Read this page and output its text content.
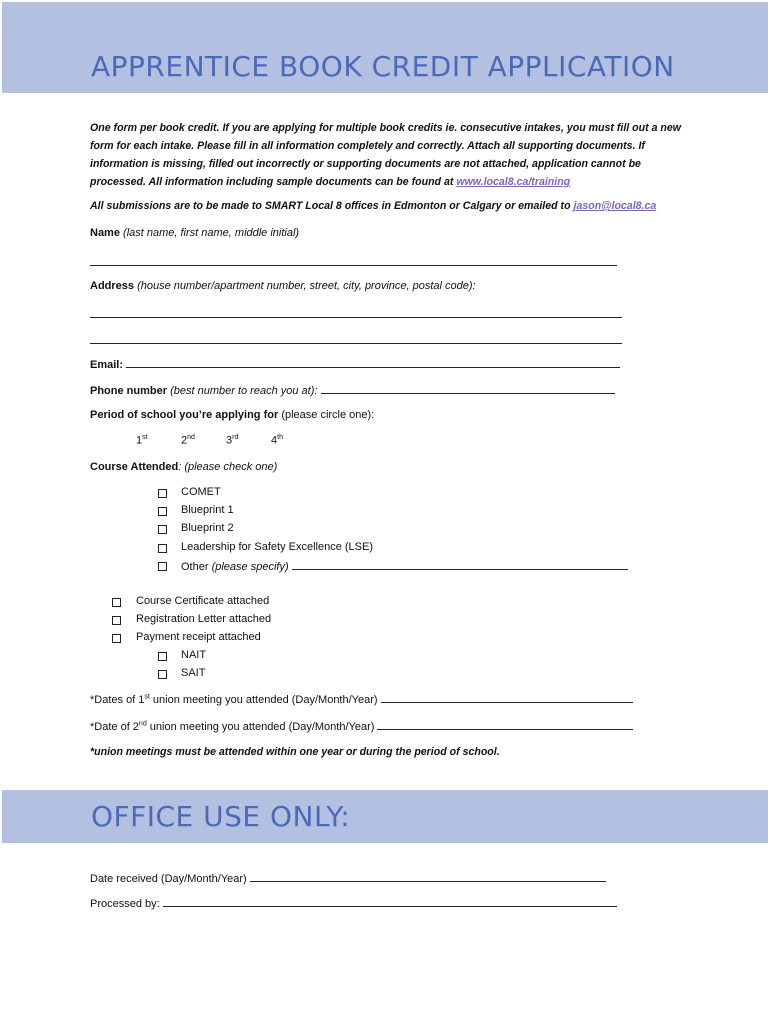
APPRENTICE BOOK CREDIT APPLICATION
One form per book credit. If you are applying for multiple book credits ie. consecutive intakes, you must fill out a new form for each intake. Please fill in all information completely and correctly. Attach all supporting documents. If information is missing, filled out incorrectly or supporting documents are not attached, application cannot be processed. All information including sample documents can be found at www.local8.ca/training
All submissions are to be made to SMART Local 8 offices in Edmonton or Calgary or emailed to jason@local8.ca
Name (last name, first name, middle initial)
Address (house number/apartment number, street, city, province, postal code):
Email:
Phone number (best number to reach you at):
Period of school you’re applying for (please circle one):
1st	2nd	3rd	4th
Course Attended: (please check one)
COMET
Blueprint 1
Blueprint 2
Leadership for Safety Excellence (LSE)
Other (please specify)
Course Certificate attached
Registration Letter attached
Payment receipt attached
NAIT
SAIT
*Dates of 1st union meeting you attended (Day/Month/Year)
*Date of 2nd union meeting you attended (Day/Month/Year)
*union meetings must be attended within one year or during the period of school.
OFFICE USE ONLY:
Date received (Day/Month/Year)
Processed by:
